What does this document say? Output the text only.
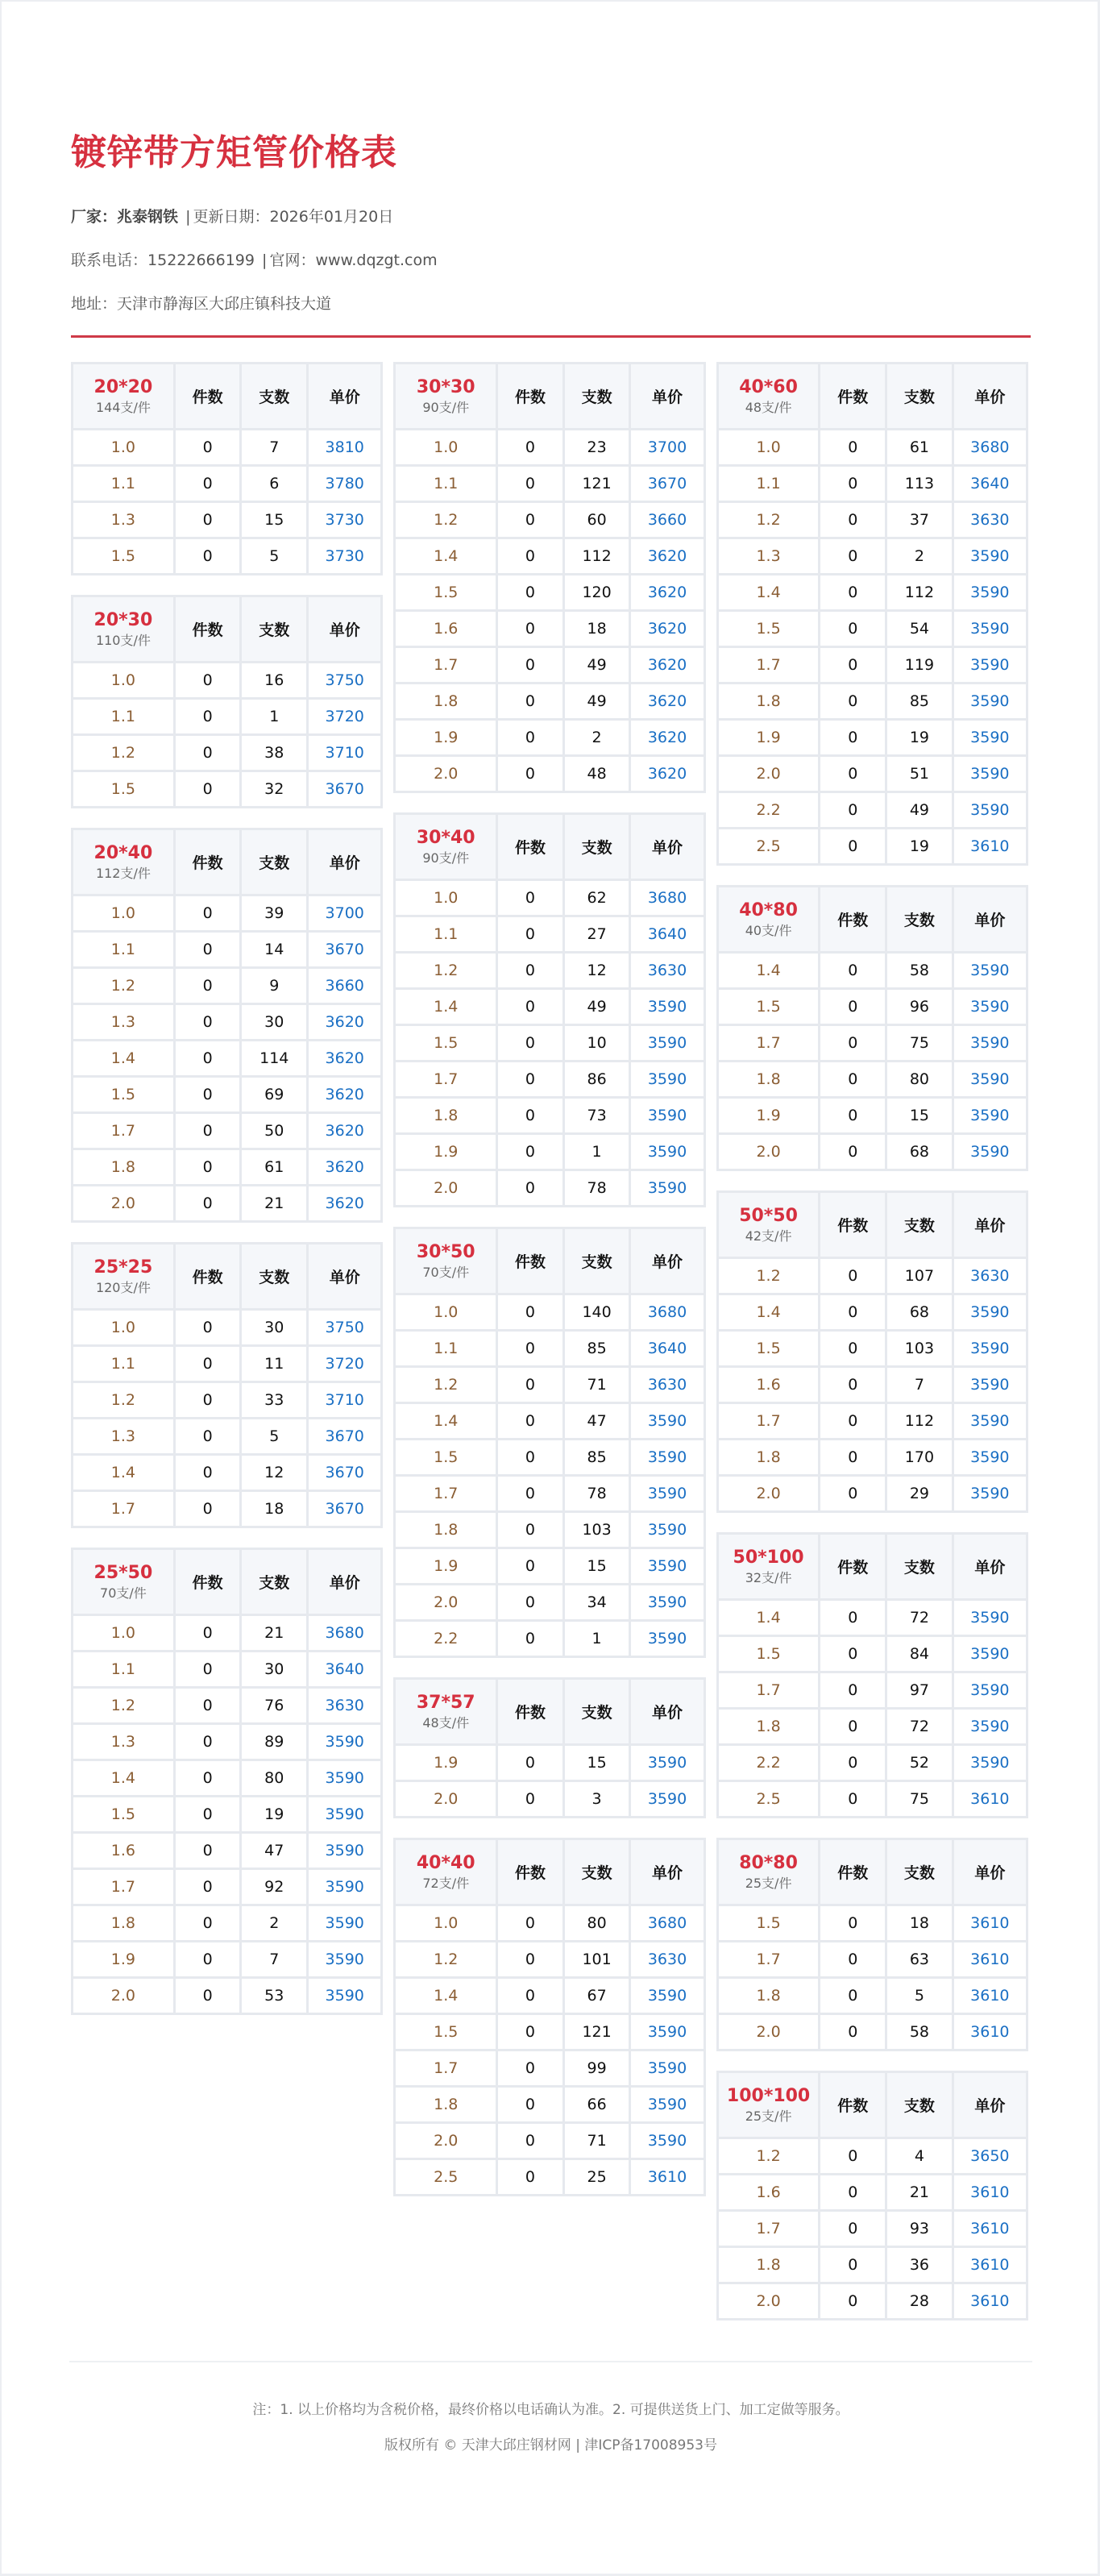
镀锌带方矩管价格表
厂家：兆泰钢铁 | 更新日期：2026年01月20日
联系电话：15222666199 | 官网：www.dqzgt.com
地址：天津市静海区大邱庄镇科技大道
20*20
144支/件	件数	支数	单价
1.0	0	7	3810
1.1	0	6	3780
1.3	0	15	3730
1.5	0	5	3730
20*30
110支/件	件数	支数	单价
1.0	0	16	3750
1.1	0	1	3720
1.2	0	38	3710
1.5	0	32	3670
20*40
112支/件	件数	支数	单价
1.0	0	39	3700
1.1	0	14	3670
1.2	0	9	3660
1.3	0	30	3620
1.4	0	114	3620
1.5	0	69	3620
1.7	0	50	3620
1.8	0	61	3620
2.0	0	21	3620
25*25
120支/件	件数	支数	单价
1.0	0	30	3750
1.1	0	11	3720
1.2	0	33	3710
1.3	0	5	3670
1.4	0	12	3670
1.7	0	18	3670
25*50
70支/件	件数	支数	单价
1.0	0	21	3680
1.1	0	30	3640
1.2	0	76	3630
1.3	0	89	3590
1.4	0	80	3590
1.5	0	19	3590
1.6	0	47	3590
1.7	0	92	3590
1.8	0	2	3590
1.9	0	7	3590
2.0	0	53	3590
30*30
90支/件	件数	支数	单价
1.0	0	23	3700
1.1	0	121	3670
1.2	0	60	3660
1.4	0	112	3620
1.5	0	120	3620
1.6	0	18	3620
1.7	0	49	3620
1.8	0	49	3620
1.9	0	2	3620
2.0	0	48	3620
30*40
90支/件	件数	支数	单价
1.0	0	62	3680
1.1	0	27	3640
1.2	0	12	3630
1.4	0	49	3590
1.5	0	10	3590
1.7	0	86	3590
1.8	0	73	3590
1.9	0	1	3590
2.0	0	78	3590
30*50
70支/件	件数	支数	单价
1.0	0	140	3680
1.1	0	85	3640
1.2	0	71	3630
1.4	0	47	3590
1.5	0	85	3590
1.7	0	78	3590
1.8	0	103	3590
1.9	0	15	3590
2.0	0	34	3590
2.2	0	1	3590
37*57
48支/件	件数	支数	单价
1.9	0	15	3590
2.0	0	3	3590
40*40
72支/件	件数	支数	单价
1.0	0	80	3680
1.2	0	101	3630
1.4	0	67	3590
1.5	0	121	3590
1.7	0	99	3590
1.8	0	66	3590
2.0	0	71	3590
2.5	0	25	3610
40*60
48支/件	件数	支数	单价
1.0	0	61	3680
1.1	0	113	3640
1.2	0	37	3630
1.3	0	2	3590
1.4	0	112	3590
1.5	0	54	3590
1.7	0	119	3590
1.8	0	85	3590
1.9	0	19	3590
2.0	0	51	3590
2.2	0	49	3590
2.5	0	19	3610
40*80
40支/件	件数	支数	单价
1.4	0	58	3590
1.5	0	96	3590
1.7	0	75	3590
1.8	0	80	3590
1.9	0	15	3590
2.0	0	68	3590
50*50
42支/件	件数	支数	单价
1.2	0	107	3630
1.4	0	68	3590
1.5	0	103	3590
1.6	0	7	3590
1.7	0	112	3590
1.8	0	170	3590
2.0	0	29	3590
50*100
32支/件	件数	支数	单价
1.4	0	72	3590
1.5	0	84	3590
1.7	0	97	3590
1.8	0	72	3590
2.2	0	52	3590
2.5	0	75	3610
80*80
25支/件	件数	支数	单价
1.5	0	18	3610
1.7	0	63	3610
1.8	0	5	3610
2.0	0	58	3610
100*100
25支/件	件数	支数	单价
1.2	0	4	3650
1.6	0	21	3610
1.7	0	93	3610
1.8	0	36	3610
2.0	0	28	3610
注：1. 以上价格均为含税价格，最终价格以电话确认为准。2. 可提供送货上门、加工定做等服务。
版权所有 © 天津大邱庄钢材网 | 津ICP备17008953号
